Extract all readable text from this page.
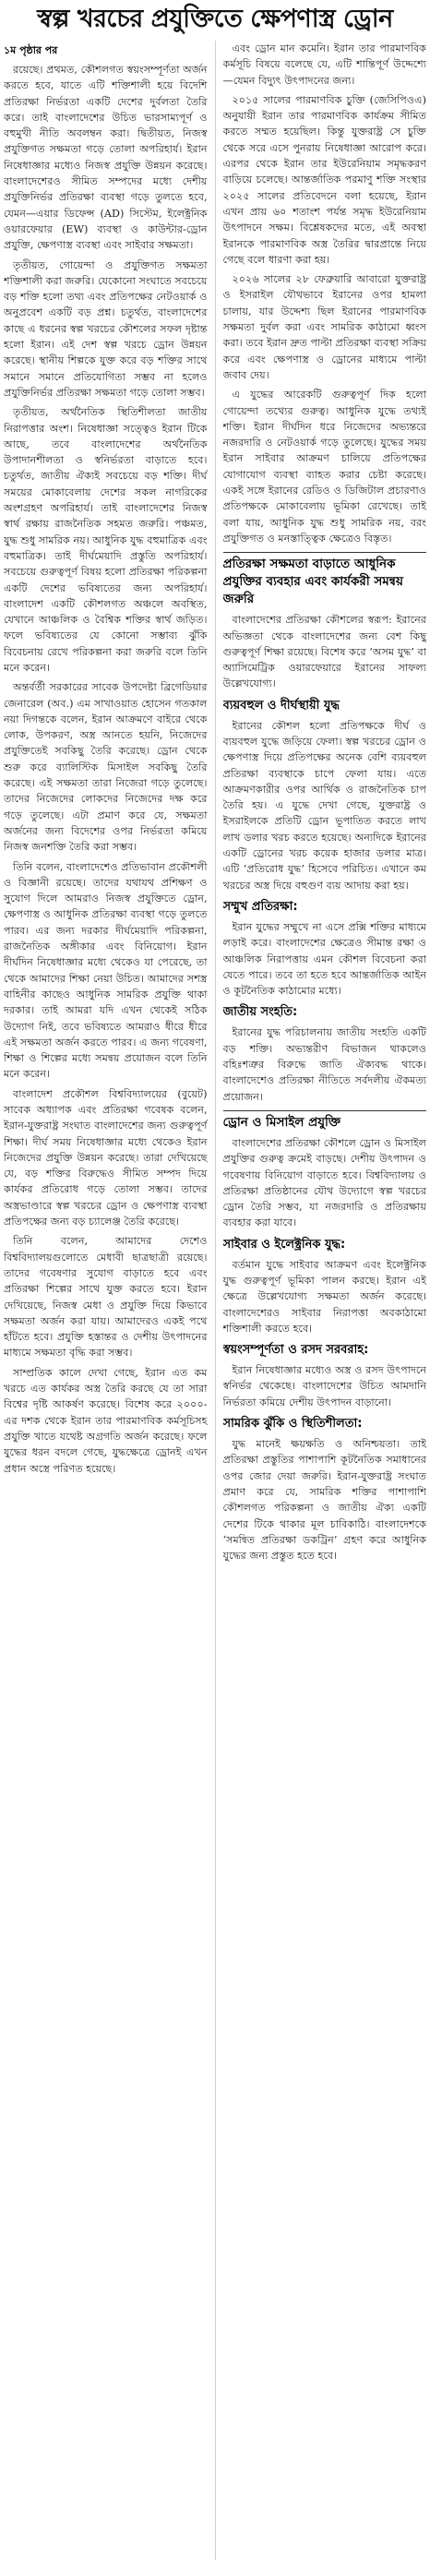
স্বল্প খরচের প্রযুক্তিতে ক্ষেপণাস্ত্র ড্রোন
১ম পৃষ্ঠার পর

রয়েছে। প্রথমত, কৌশলগত স্বয়ংসম্পূর্ণতা অর্জন করতে হবে, যাতে এটি শক্তিশালী হয়ে বিদেশি প্রতিরক্ষা নির্ভরতা একটি দেশের দুর্বলতা তৈরি করে। তাই বাংলাদেশের উচিত ভারসাম্যপূর্ণ ও বহুমুখী নীতি অবলম্বন করা। দ্বিতীয়ত, নিজস্ব প্রযুক্তিগত সক্ষমতা গড়ে তোলা অপরিহার্য। ইরান নিষেধাজ্ঞার মধ্যেও নিজস্ব প্রযুক্তি উন্নয়ন করেছে। বাংলাদেশেরও সীমিত সম্পদের মধ্যে দেশীয় প্রযুক্তিনির্ভর প্রতিরক্ষা ব্যবস্থা গড়ে তুলতে হবে, যেমন—এয়ার ডিফেন্স (AD) সিস্টেম, ইলেক্ট্রনিক ওয়ারফেয়ার (EW) ব্যবস্থা ও কাউন্টার-ড্রোন প্রযুক্তি, ক্ষেপণাস্ত্র ব্যবস্থা এবং সাইবার সক্ষমতা।

তৃতীয়ত, গোয়েন্দা ও প্রযুক্তিগত সক্ষমতা শক্তিশালী করা জরুরি। যেকোনো সংঘাতে সবচেয়ে বড় শক্তি হলো তথ্য এবং প্রতিপক্ষের নেটওয়ার্ক ও অনুপ্রবেশ একটি বড় প্রশ্ন। চতুর্থত, বাংলাদেশের কাছে এ ধরনের স্বল্প খরচের কৌশলের সফল দৃষ্টান্ত হলো ইরান। এই দেশ স্বল্প খরচে ড্রোন উন্নয়ন করেছে। স্থানীয় শিল্পকে যুক্ত করে বড় শক্তির সাথে সমানে সমানে প্রতিযোগিতা সম্ভব না হলেও প্রযুক্তিনির্ভর প্রতিরক্ষা সক্ষমতা গড়ে তোলা সম্ভব।

তৃতীয়ত, অর্থনৈতিক স্থিতিশীলতা জাতীয় নিরাপত্তার অংশ। নিষেধাজ্ঞা সত্ত্বেও ইরান টিকে আছে, তবে বাংলাদেশের অর্থনৈতিক উপাদানশীলতা ও স্বনির্ভরতা বাড়াতে হবে। চতুর্থত, জাতীয় ঐক্যই সবচেয়ে বড় শক্তি। দীর্ঘ সময়ের মোকাবেলায় দেশের সকল নাগরিকের অংশগ্রহণ অপরিহার্য। তাই বাংলাদেশের নিজস্ব স্বার্থ রক্ষায় রাজনৈতিক সহমত জরুরি। পঞ্চমত, যুদ্ধ শুধু সামরিক নয়। আধুনিক যুদ্ধ বহুমাত্রিক এবং বহুমাত্রিক। তাই দীর্ঘমেয়াদি প্রস্তুতি অপরিহার্য। সবচেয়ে গুরুত্বপূর্ণ বিষয় হলো প্রতিরক্ষা পরিকল্পনা একটি দেশের ভবিষ্যতের জন্য অপরিহার্য। বাংলাদেশ একটি কৌশলগত অঞ্চলে অবস্থিত, যেখানে আঞ্চলিক ও বৈশ্বিক শক্তির স্বার্থ জড়িত। ফলে ভবিষ্যতের যে কোনো সম্ভাব্য ঝুঁকি বিবেচনায় রেখে পরিকল্পনা করা জরুরি বলে তিনি মনে করেন।

অন্তর্বর্তী সরকারের সাবেক উপদেষ্টা ব্রিগেডিয়ার জেনারেল (অব.) এম সাখাওয়াত হোসেন গতকাল নয়া দিগন্তকে বলেন, ইরান আক্রমণে বাইরে থেকে লোক, উপকরণ, অস্ত্র আনতে হয়নি, নিজেদের প্রযুক্তিতেই সবকিছু তৈরি করেছে। ড্রোন থেকে শুরু করে ব্যালিস্টিক মিসাইল সবকিছু তৈরি করেছে। এই সক্ষমতা তারা নিজেরা গড়ে তুলেছে। তাদের নিজেদের লোকদের নিজেদের দক্ষ করে গড়ে তুলেছে। এটা প্রমাণ করে যে, সক্ষমতা অর্জনের জন্য বিদেশের ওপর নির্ভরতা কমিয়ে নিজস্ব জনশক্তি তৈরি করা সম্ভব।

তিনি বলেন, বাংলাদেশেও প্রতিভাবান প্রকৌশলী ও বিজ্ঞানী রয়েছে। তাদের যথাযথ প্রশিক্ষণ ও সুযোগ দিলে আমরাও নিজস্ব প্রযুক্তিতে ড্রোন, ক্ষেপণাস্ত্র ও আধুনিক প্রতিরক্ষা ব্যবস্থা গড়ে তুলতে পারব। এর জন্য দরকার দীর্ঘমেয়াদি পরিকল্পনা, রাজনৈতিক অঙ্গীকার এবং বিনিয়োগ। ইরান দীর্ঘদিন নিষেধাজ্ঞার মধ্যে থেকেও যা পেরেছে, তা থেকে আমাদের শিক্ষা নেয়া উচিত। আমাদের সশস্ত্র বাহিনীর কাছেও আধুনিক সামরিক প্রযুক্তি থাকা দরকার। তাই আমরা যদি এখন থেকেই সঠিক উদ্যোগ নিই, তবে ভবিষ্যতে আমরাও ধীরে ধীরে এই সক্ষমতা অর্জন করতে পারব। এ জন্য গবেষণা, শিক্ষা ও শিল্পের মধ্যে সমন্বয় প্রয়োজন বলে তিনি মনে করেন।

বাংলাদেশ প্রকৌশল বিশ্ববিদ্যালয়ের (বুয়েট) সাবেক অধ্যাপক এবং প্রতিরক্ষা গবেষক বলেন, ইরান-যুক্তরাষ্ট্র সংঘাত বাংলাদেশের জন্য গুরুত্বপূর্ণ শিক্ষা। দীর্ঘ সময় নিষেধাজ্ঞার মধ্যে থেকেও ইরান নিজেদের প্রযুক্তি উন্নয়ন করেছে। তারা দেখিয়েছে যে, বড় শক্তির বিরুদ্ধেও সীমিত সম্পদ দিয়ে কার্যকর প্রতিরোধ গড়ে তোলা সম্ভব। তাদের অস্ত্রভাণ্ডারে স্বল্প খরচের ড্রোন ও ক্ষেপণাস্ত্র ব্যবস্থা প্রতিপক্ষের জন্য বড় চ্যালেঞ্জ তৈরি করেছে।

তিনি বলেন, আমাদের দেশেও বিশ্ববিদ্যালয়গুলোতে মেধাবী ছাত্রছাত্রী রয়েছে। তাদের গবেষণার সুযোগ বাড়াতে হবে এবং প্রতিরক্ষা শিল্পের সাথে যুক্ত করতে হবে। ইরান দেখিয়েছে, নিজস্ব মেধা ও প্রযুক্তি দিয়ে কিভাবে সক্ষমতা অর্জন করা যায়। আমাদেরও একই পথে হাঁটতে হবে। প্রযুক্তি হস্তান্তর ও দেশীয় উৎপাদনের মাধ্যমে সক্ষমতা বৃদ্ধি করা সম্ভব।

সাম্প্রতিক কালে দেখা গেছে, ইরান এত কম খরচে এত কার্যকর অস্ত্র তৈরি করছে যে তা সারা বিশ্বের দৃষ্টি আকর্ষণ করেছে। বিশেষ করে ২০০০-এর দশক থেকে ইরান তার পারমাণবিক কর্মসূচিসহ প্রযুক্তি খাতে যথেষ্ট অগ্রগতি অর্জন করেছে। ফলে যুদ্ধের ধরন বদলে গেছে, যুদ্ধক্ষেত্রে ড্রোনই এখন প্রধান অস্ত্রে পরিণত হয়েছে।

এবং ড্রোন মান কমেনি। ইরান তার পারমাণবিক কর্মসূচি বিষয়ে বলেছে যে, এটি শান্তিপূর্ণ উদ্দেশ্যে—যেমন বিদ্যুৎ উৎপাদনের জন্য।

২০১৫ সালের পারমাণবিক চুক্তি (জেসিপিওএ) অনুযায়ী ইরান তার পারমাণবিক কার্যক্রম সীমিত করতে সম্মত হয়েছিল। কিন্তু যুক্তরাষ্ট্র সে চুক্তি থেকে সরে এসে পুনরায় নিষেধাজ্ঞা আরোপ করে। এরপর থেকে ইরান তার ইউরেনিয়াম সমৃদ্ধকরণ বাড়িয়ে চলেছে। আন্তর্জাতিক পরমাণু শক্তি সংস্থার ২০২৫ সালের প্রতিবেদনে বলা হয়েছে, ইরান এখন প্রায় ৬০ শতাংশ পর্যন্ত সমৃদ্ধ ইউরেনিয়াম উৎপাদনে সক্ষম। বিশ্লেষকদের মতে, এই অবস্থা ইরানকে পারমাণবিক অস্ত্র তৈরির দ্বারপ্রান্তে নিয়ে গেছে বলে ধারণা করা হয়।

২০২৬ সালের ২৮ ফেব্রুয়ারি আবারো যুক্তরাষ্ট্র ও ইসরাইল যৌথভাবে ইরানের ওপর হামলা চালায়, যার উদ্দেশ্য ছিল ইরানের পারমাণবিক সক্ষমতা দুর্বল করা এবং সামরিক কাঠামো ধ্বংস করা। তবে ইরান দ্রুত পাল্টা প্রতিরক্ষা ব্যবস্থা সক্রিয় করে এবং ক্ষেপণাস্ত্র ও ড্রোনের মাধ্যমে পাল্টা জবাব দেয়।

এ যুদ্ধের আরেকটি গুরুত্বপূর্ণ দিক হলো গোয়েন্দা তথ্যের গুরুত্ব। আধুনিক যুদ্ধে তথ্যই শক্তি। ইরান দীর্ঘদিন ধরে নিজেদের অভ্যন্তরে নজরদারি ও নেটওয়ার্ক গড়ে তুলেছে। যুদ্ধের সময় ইরান সাইবার আক্রমণ চালিয়ে প্রতিপক্ষের যোগাযোগ ব্যবস্থা ব্যাহত করার চেষ্টা করেছে। একই সঙ্গে ইরানের রেডিও ও ডিজিটাল প্রচারণাও প্রতিপক্ষকে মোকাবেলায় ভূমিকা রেখেছে। তাই বলা যায়, আধুনিক যুদ্ধ শুধু সামরিক নয়, বরং প্রযুক্তিগত ও মনস্তাত্ত্বিক ক্ষেত্রেও বিস্তৃত।

প্রতিরক্ষা সক্ষমতা বাড়াতে আধুনিক প্রযুক্তির ব্যবহার এবং কার্যকরী সমন্বয় জরুরি

বাংলাদেশের প্রতিরক্ষা কৌশলের স্বরূপ: ইরানের অভিজ্ঞতা থেকে বাংলাদেশের জন্য বেশ কিছু গুরুত্বপূর্ণ শিক্ষা রয়েছে। বিশেষ করে ‘অসম যুদ্ধ’ বা অ্যাসিমেট্রিক ওয়ারফেয়ারে ইরানের সাফল্য উল্লেখযোগ্য।

ব্যয়বহুল ও দীর্ঘস্থায়ী যুদ্ধ

ইরানের কৌশল হলো প্রতিপক্ষকে দীর্ঘ ও ব্যয়বহুল যুদ্ধে জড়িয়ে ফেলা। স্বল্প খরচের ড্রোন ও ক্ষেপণাস্ত্র দিয়ে প্রতিপক্ষের অনেক বেশি ব্যয়বহুল প্রতিরক্ষা ব্যবস্থাকে চাপে ফেলা যায়। এতে আক্রমণকারীর ওপর আর্থিক ও রাজনৈতিক চাপ তৈরি হয়। এ যুদ্ধে দেখা গেছে, যুক্তরাষ্ট্র ও ইসরাইলকে প্রতিটি ড্রোন ভূপাতিত করতে লাখ লাখ ডলার খরচ করতে হয়েছে। অন্যদিকে ইরানের একটি ড্রোনের খরচ কয়েক হাজার ডলার মাত্র। এটি ‘প্রতিরোধ যুদ্ধ’ হিসেবে পরিচিত। এখানে কম খরচের অস্ত্র দিয়ে বহুগুণ ব্যয় আদায় করা হয়।

সম্মুখ প্রতিরক্ষা:

ইরান যুদ্ধের সম্মুখে না এসে প্রক্সি শক্তির মাধ্যমে লড়াই করে। বাংলাদেশের ক্ষেত্রেও সীমান্ত রক্ষা ও আঞ্চলিক নিরাপত্তায় এমন কৌশল বিবেচনা করা যেতে পারে। তবে তা হতে হবে আন্তর্জাতিক আইন ও কূটনৈতিক কাঠামোর মধ্যে।

জাতীয় সংহতি:

ইরানের যুদ্ধ পরিচালনায় জাতীয় সংহতি একটি বড় শক্তি। অভ্যন্তরীণ বিভাজন থাকলেও বহিঃশত্রুর বিরুদ্ধে জাতি ঐক্যবদ্ধ থাকে। বাংলাদেশেও প্রতিরক্ষা নীতিতে সর্বদলীয় ঐকমত্য প্রয়োজন।

ড্রোন ও মিসাইল প্রযুক্তি

বাংলাদেশের প্রতিরক্ষা কৌশলে ড্রোন ও মিসাইল প্রযুক্তির গুরুত্ব ক্রমেই বাড়ছে। দেশীয় উৎপাদন ও গবেষণায় বিনিয়োগ বাড়াতে হবে। বিশ্ববিদ্যালয় ও প্রতিরক্ষা প্রতিষ্ঠানের যৌথ উদ্যোগে স্বল্প খরচের ড্রোন তৈরি সম্ভব, যা নজরদারি ও প্রতিরক্ষায় ব্যবহার করা যাবে।

সাইবার ও ইলেক্ট্রনিক যুদ্ধ:

বর্তমান যুদ্ধে সাইবার আক্রমণ এবং ইলেক্ট্রনিক যুদ্ধ গুরুত্বপূর্ণ ভূমিকা পালন করছে। ইরান এই ক্ষেত্রে উল্লেখযোগ্য সক্ষমতা অর্জন করেছে। বাংলাদেশেরও সাইবার নিরাপত্তা অবকাঠামো শক্তিশালী করতে হবে।

স্বয়ংসম্পূর্ণতা ও রসদ সরবরাহ:

ইরান নিষেধাজ্ঞার মধ্যেও অস্ত্র ও রসদ উৎপাদনে স্বনির্ভর থেকেছে। বাংলাদেশের উচিত আমদানি নির্ভরতা কমিয়ে দেশীয় উৎপাদন বাড়ানো।

সামরিক ঝুঁকি ও স্থিতিশীলতা:

যুদ্ধ মানেই ক্ষয়ক্ষতি ও অনিশ্চয়তা। তাই প্রতিরক্ষা প্রস্তুতির পাশাপাশি কূটনৈতিক সমাধানের ওপর জোর দেয়া জরুরি। ইরান-যুক্তরাষ্ট্র সংঘাত প্রমাণ করে যে, সামরিক শক্তির পাশাপাশি কৌশলগত পরিকল্পনা ও জাতীয় ঐক্য একটি দেশের টিকে থাকার মূল চাবিকাঠি। বাংলাদেশকে ‘সমন্বিত প্রতিরক্ষা ডকট্রিন’ গ্রহণ করে আধুনিক যুদ্ধের জন্য প্রস্তুত হতে হবে।
